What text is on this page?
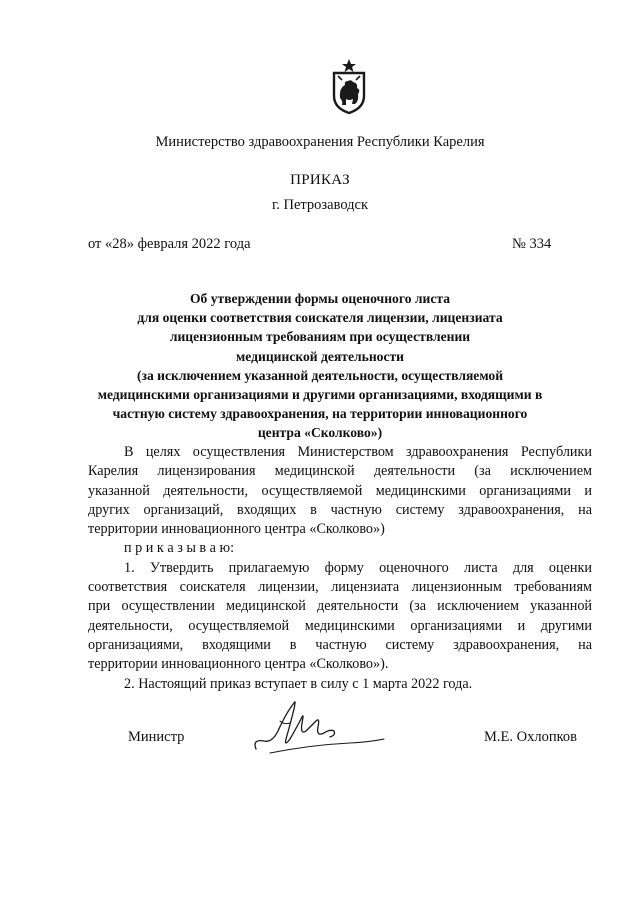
Министерство здравоохранения Республики Карелия
ПРИКАЗ
г. Петрозаводск
от «28» февраля 2022 года	№ 334
Об утверждении формы оценочного листа
для оценки соответствия соискателя лицензии, лицензиата
лицензионным требованиям при осуществлении
медицинской деятельности
(за исключением указанной деятельности, осуществляемой
медицинскими организациями и другими организациями, входящими в
частную систему здравоохранения, на территории инновационного
центра «Сколково»)
В целях осуществления Министерством здравоохранения Республики
Карелия лицензирования медицинской деятельности (за исключением
указанной деятельности, осуществляемой медицинскими организациями и
других организаций, входящих в частную систему здравоохранения, на
территории инновационного центра «Сколково»)
п р и к а з ы в а ю:
1. Утвердить прилагаемую форму оценочного листа для оценки
соответствия соискателя лицензии, лицензиата лицензионным требованиям
при осуществлении медицинской деятельности (за исключением указанной
деятельности, осуществляемой медицинскими организациями и другими
организациями, входящими в частную систему здравоохранения, на
территории инновационного центра «Сколково»).
2. Настоящий приказ вступает в силу с 1 марта 2022 года.
Министр	М.Е. Охлопков
